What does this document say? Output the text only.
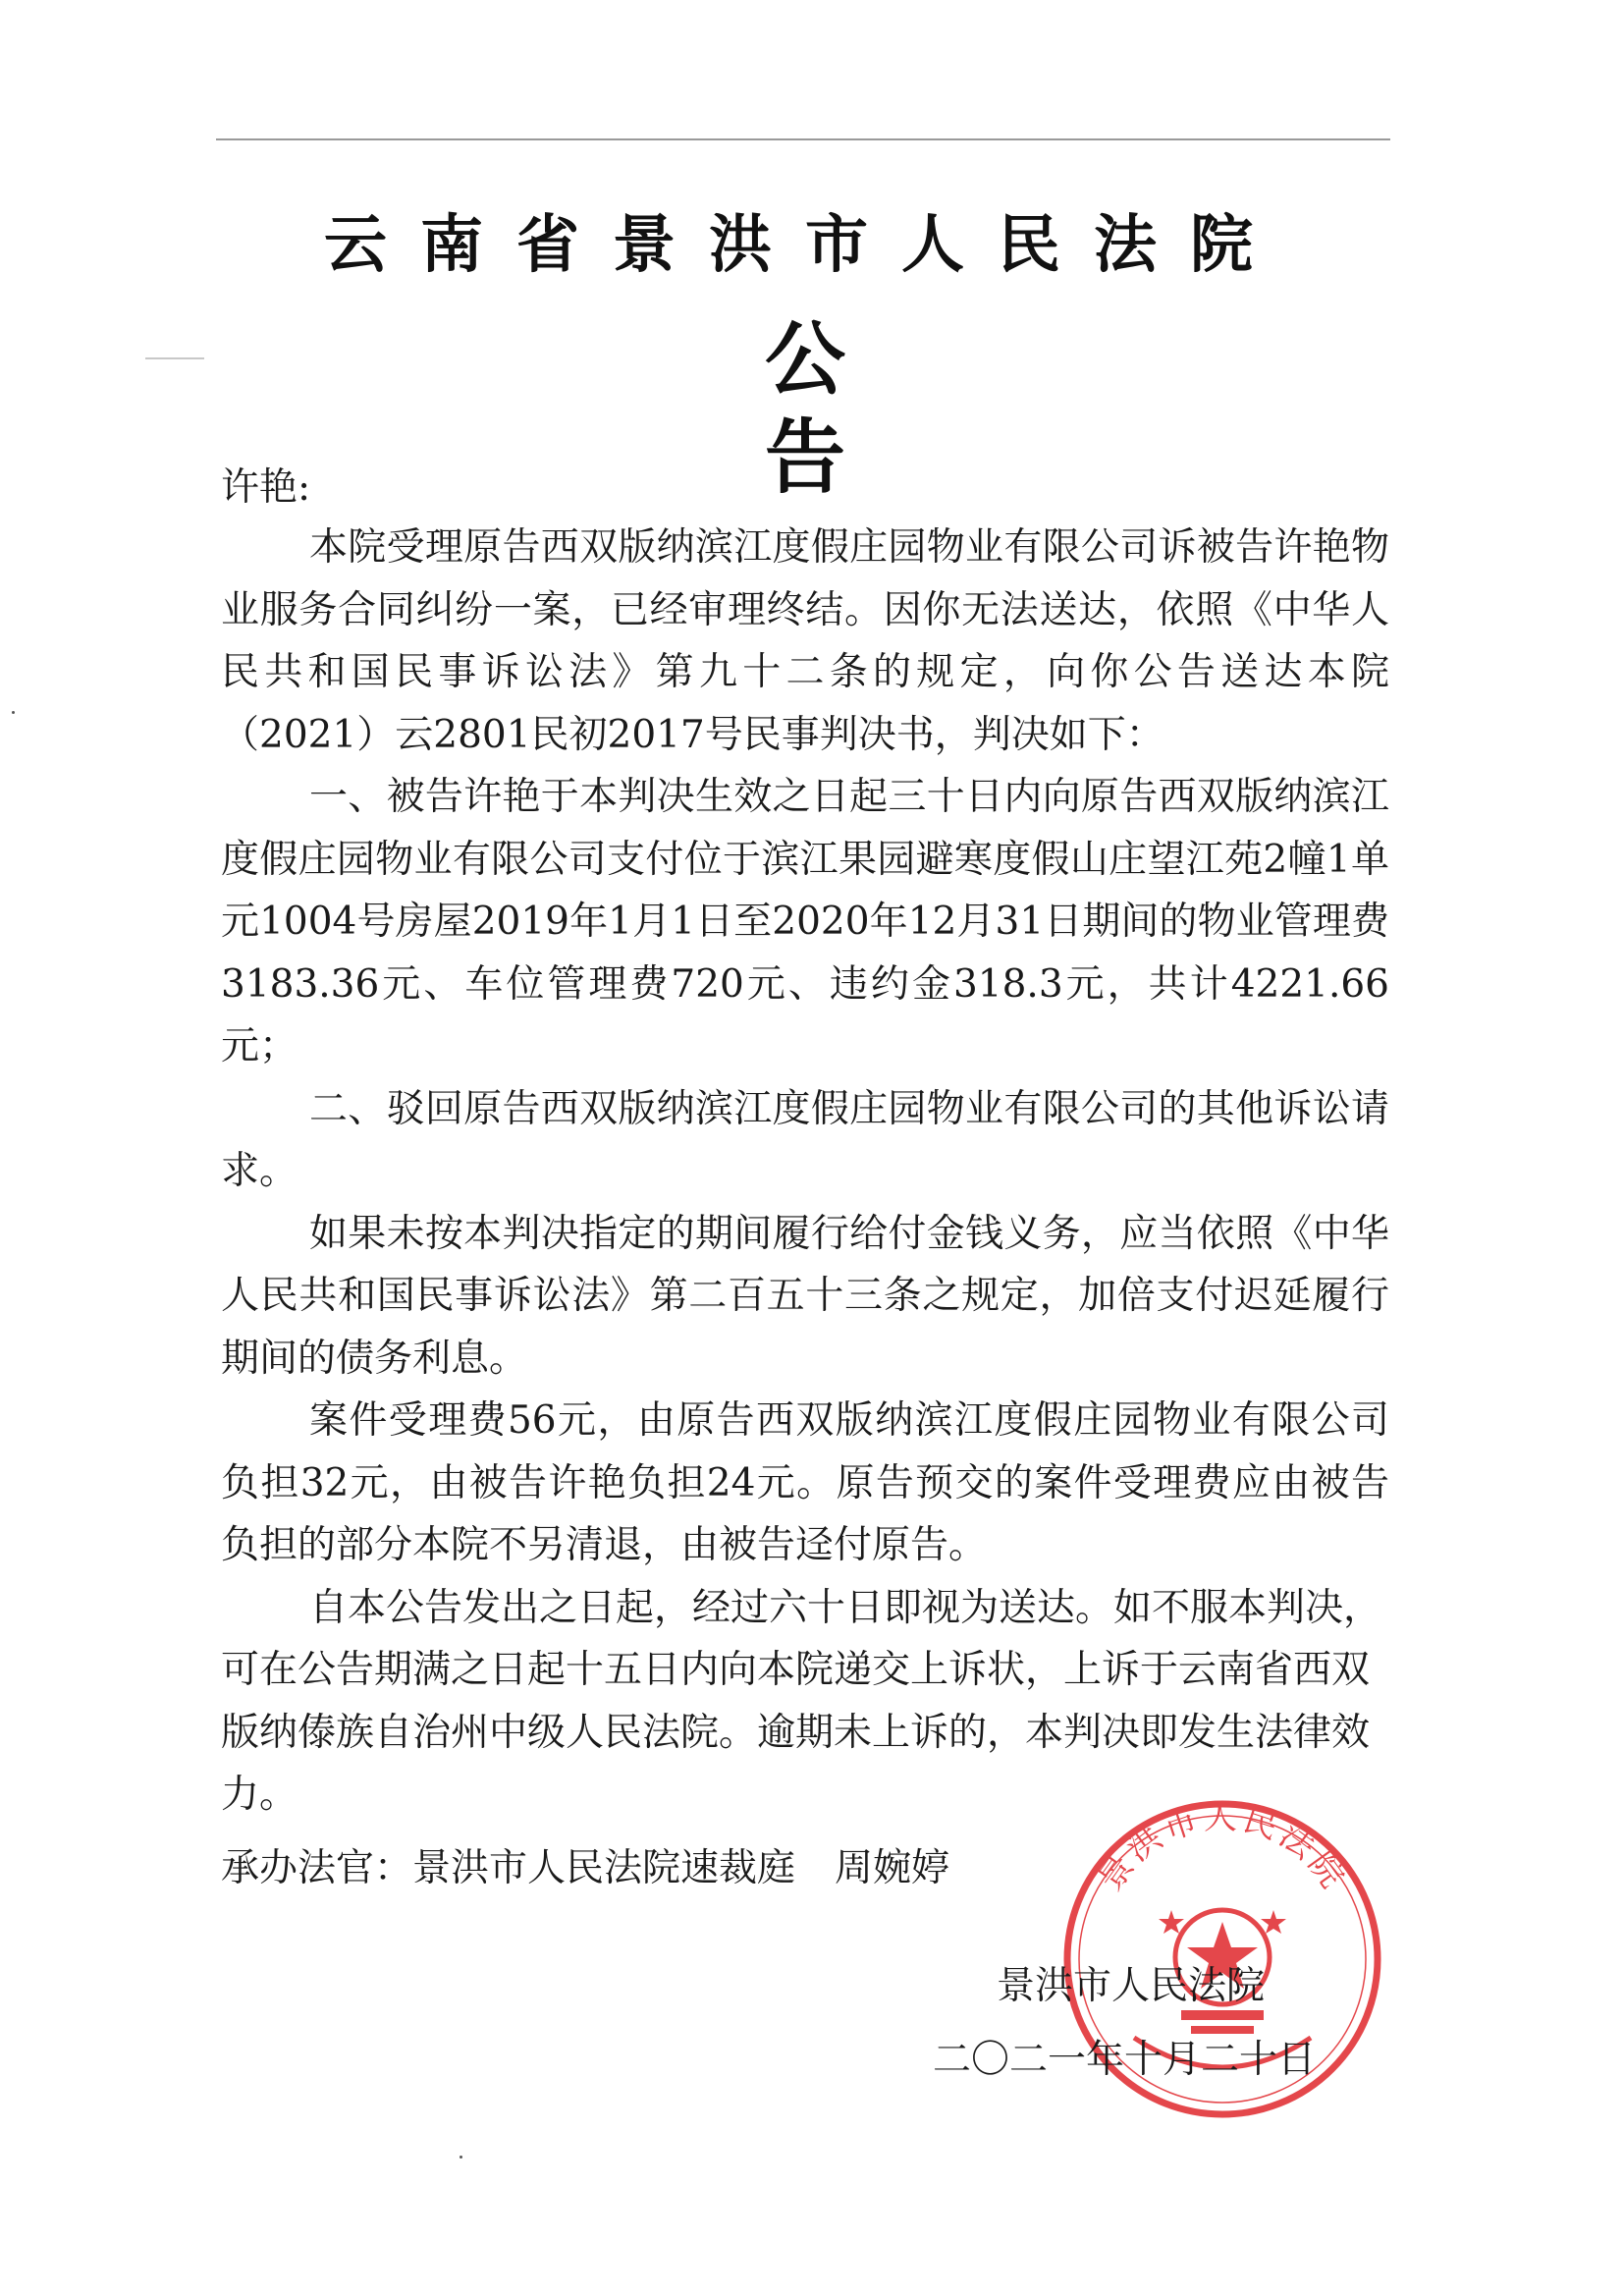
云南省景洪市人民法院
公告
许艳:

本院受理原告西双版纳滨江度假庄园物业有限公司诉被告许艳物业服务合同纠纷一案，已经审理终结。因你无法送达，依照《中华人民共和国民事诉讼法》第九十二条的规定，向你公告送达本院（2021）云2801民初2017号民事判决书，判决如下：

一、被告许艳于本判决生效之日起三十日内向原告西双版纳滨江度假庄园物业有限公司支付位于滨江果园避寒度假山庄望江苑2幢1单元1004号房屋2019年1月1日至2020年12月31日期间的物业管理费3183.36元、车位管理费720元、违约金318.3元，共计4221.66元；

二、驳回原告西双版纳滨江度假庄园物业有限公司的其他诉讼请求。

如果未按本判决指定的期间履行给付金钱义务，应当依照《中华人民共和国民事诉讼法》第二百五十三条之规定，加倍支付迟延履行期间的债务利息。

案件受理费56元，由原告西双版纳滨江度假庄园物业有限公司负担32元，由被告许艳负担24元。原告预交的案件受理费应由被告负担的部分本院不另清退，由被告迳付原告。

自本公告发出之日起，经过六十日即视为送达。如不服本判决，可在公告期满之日起十五日内向本院递交上诉状，上诉于云南省西双版纳傣族自治州中级人民法院。逾期未上诉的，本判决即发生法律效力。

承办法官：景洪市人民法院速裁庭 周婉婷	景洪市人民法院
景洪市人民法院
二〇二一年十月二十日
